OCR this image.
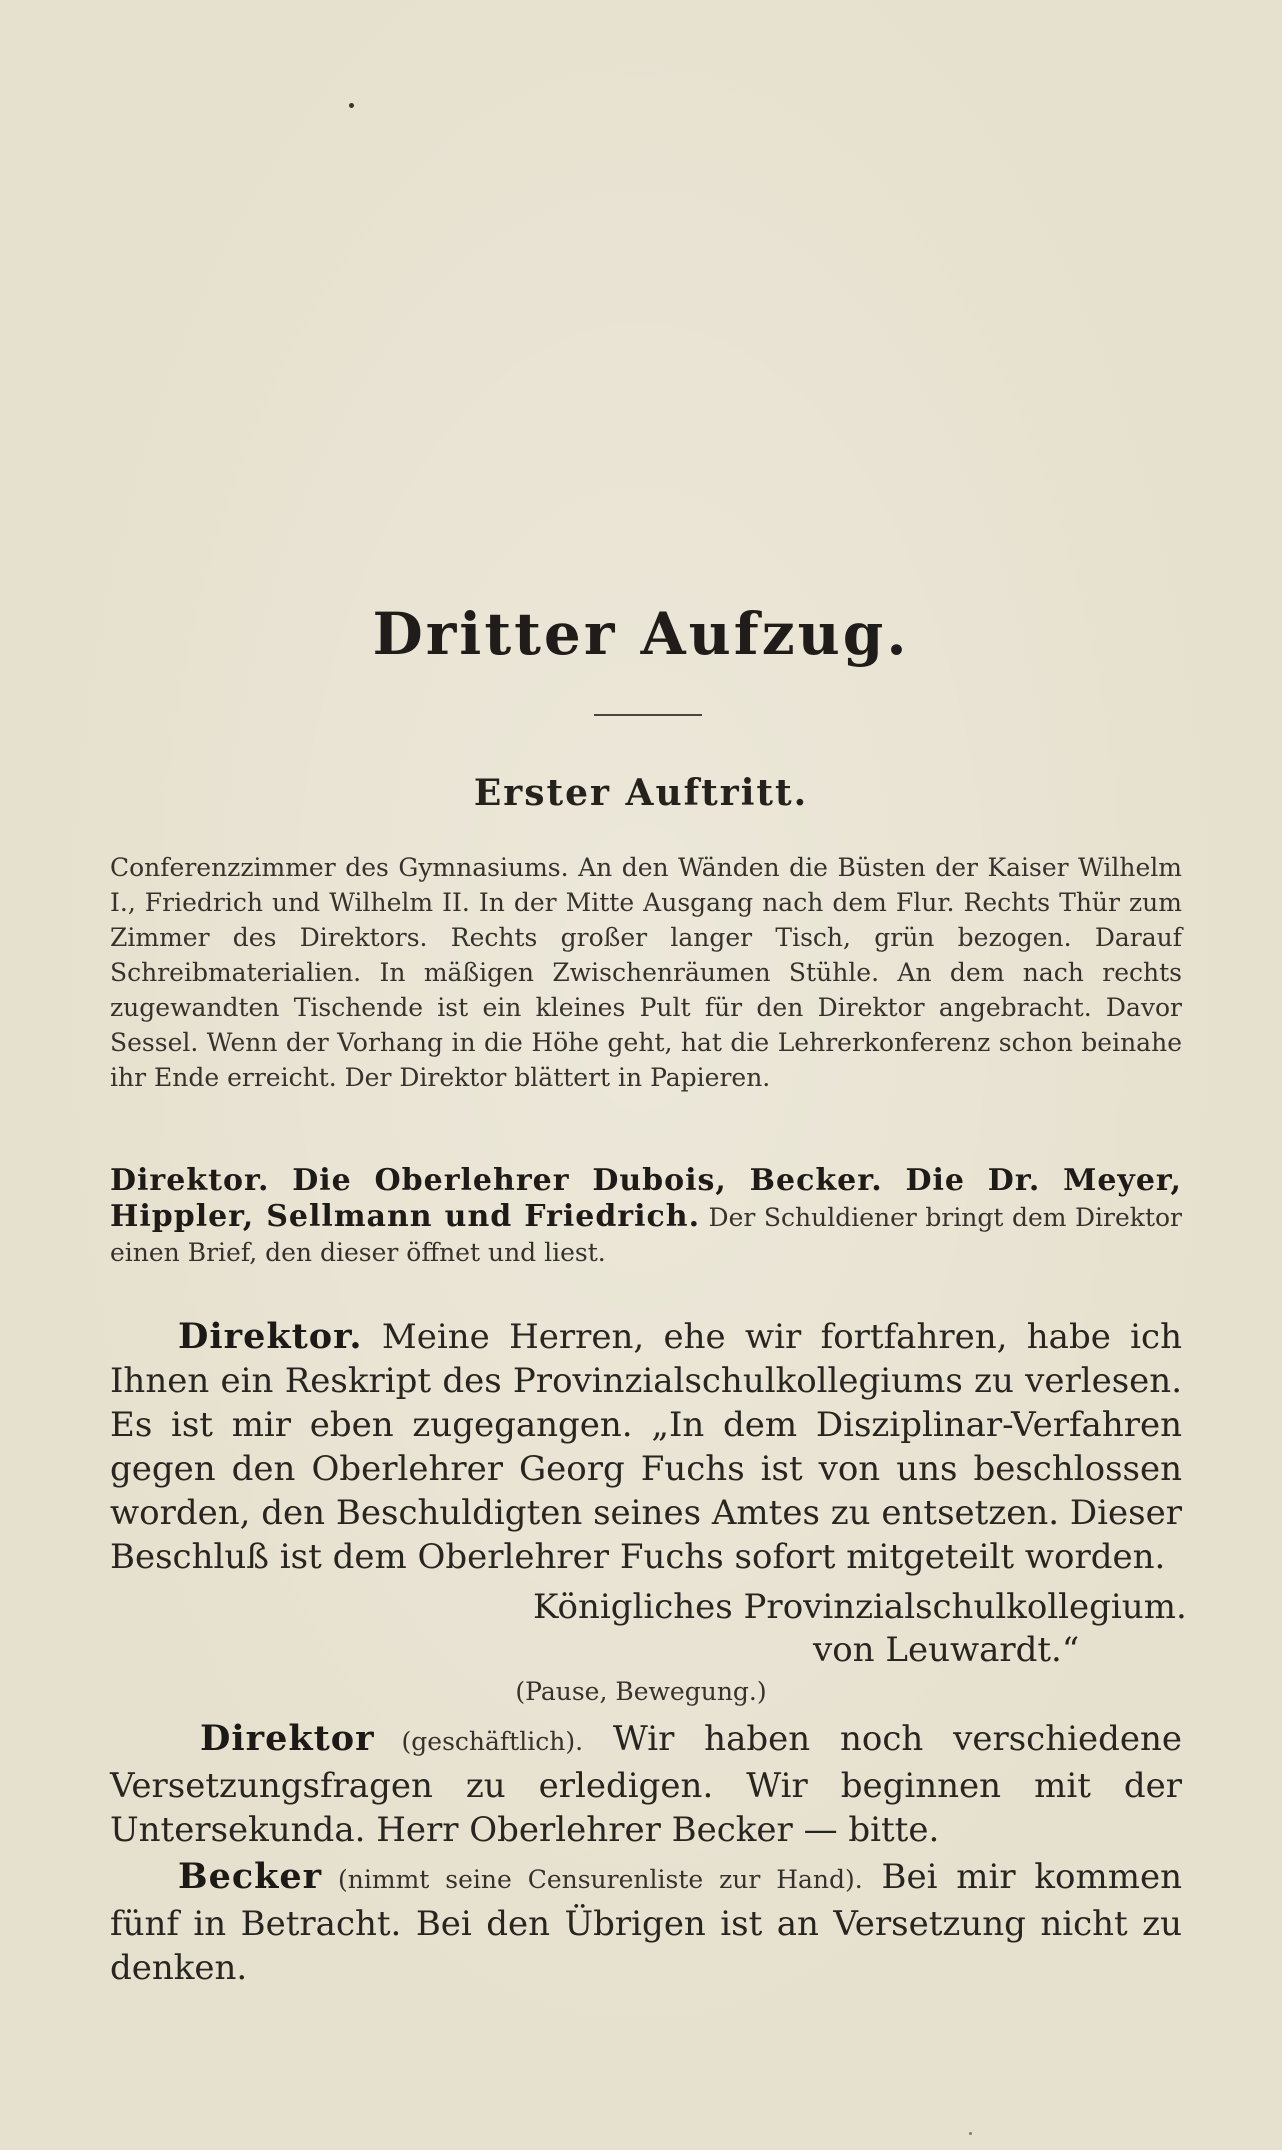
Dritter Aufzug.
Erster Auftritt.
Conferenzzimmer des Gymnasiums. An den Wänden die Büsten der Kaiser Wilhelm I., Friedrich und Wilhelm II. In der Mitte Ausgang nach dem Flur. Rechts Thür zum Zimmer des Direktors. Rechts großer langer Tisch, grün bezogen. Darauf Schreibmaterialien. In mäßigen Zwischenräumen Stühle. An dem nach rechts zugewandten Tischende ist ein kleines Pult für den Direktor angebracht. Davor Sessel. Wenn der Vorhang in die Höhe geht, hat die Lehrerkonferenz schon beinahe ihr Ende erreicht. Der Direktor blättert in Papieren.
Direktor. Die Oberlehrer Dubois, Becker. Die Dr. Meyer, Hippler, Sellmann und Friedrich. Der Schuldiener bringt dem Direktor einen Brief, den dieser öffnet und liest.
Direktor. Meine Herren, ehe wir fortfahren, habe ich Ihnen ein Reskript des Provinzialschulkollegiums zu verlesen. Es ist mir eben zugegangen. „In dem Disziplinar-Verfahren gegen den Oberlehrer Georg Fuchs ist von uns beschlossen worden, den Beschuldigten seines Amtes zu entsetzen. Dieser Beschluß ist dem Oberlehrer Fuchs sofort mitgeteilt worden.
Königliches Provinzialschulkollegium.
von Leuwardt.“
(Pause, Bewegung.)
Direktor (geschäftlich). Wir haben noch verschiedene Versetzungsfragen zu erledigen. Wir beginnen mit der Untersekunda. Herr Oberlehrer Becker — bitte.
Becker (nimmt seine Censurenliste zur Hand). Bei mir kommen fünf in Betracht. Bei den Übrigen ist an Versetzung nicht zu denken.
